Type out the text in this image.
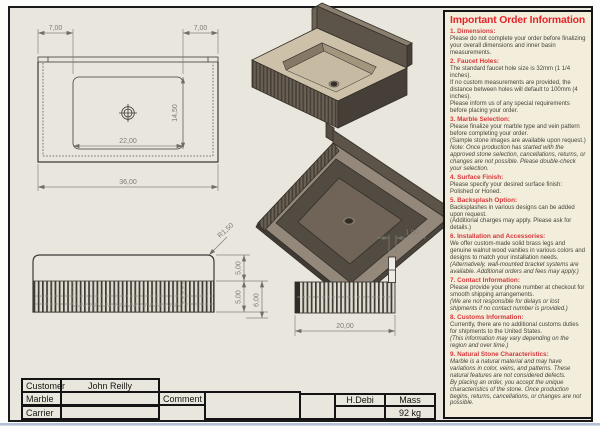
7,00	7,00
22,00
14,50
36,00
5,00
5,00 6,00
R1,50	1,00
20,00
Important Order Information
1. Dimensions:
Please do not complete your order before finalizing your overall dimensions and inner basin measurements.
2. Faucet Holes:
The standard faucet hole size is 32mm (1 1/4 inches).
If no custom measurements are provided, the distance between holes will default to 100mm (4 inches).
Please inform us of any special requirements before placing your order.
3. Marble Selection:
Please finalize your marble type and vein pattern before completing your order.
(Sample stone images are available upon request.)
Note: Once production has started with the approved stone selection, cancellations, returns, or changes are not possible. Please double-check your selection.
4. Surface Finish:
Please specify your desired surface finish: Polished or Honed.
5. Backsplash Option:
Backsplashes in various designs can be added upon request.
(Additional charges may apply. Please ask for details.)
6. Installation and Accessories:
We offer custom-made solid brass legs and genuine walnut wood vanities in various colors and designs to match your installation needs.
(Alternatively, wall-mounted bracket systems are available. Additional orders and fees may apply.)
7. Contact Information:
Please provide your phone number at checkout for smooth shipping arrangements.
(We are not responsible for delays or lost shipments if no contact number is provided.)
8. Customs Information:
Currently, there are no additional customs duties for shipments to the United States.
(This information may vary depending on the region and over time.)
9. Natural Stone Characteristics:
Marble is a natural material and may have variations in color, veins, and patterns. These natural features are not considered defects.
By placing an order, you accept the unique characteristics of the stone. Once production begins, returns, cancellations, or changes are not possible.
Customer	John Reilly
Marble	Comment
Carrier
H.Debi	Mass
92 kg
